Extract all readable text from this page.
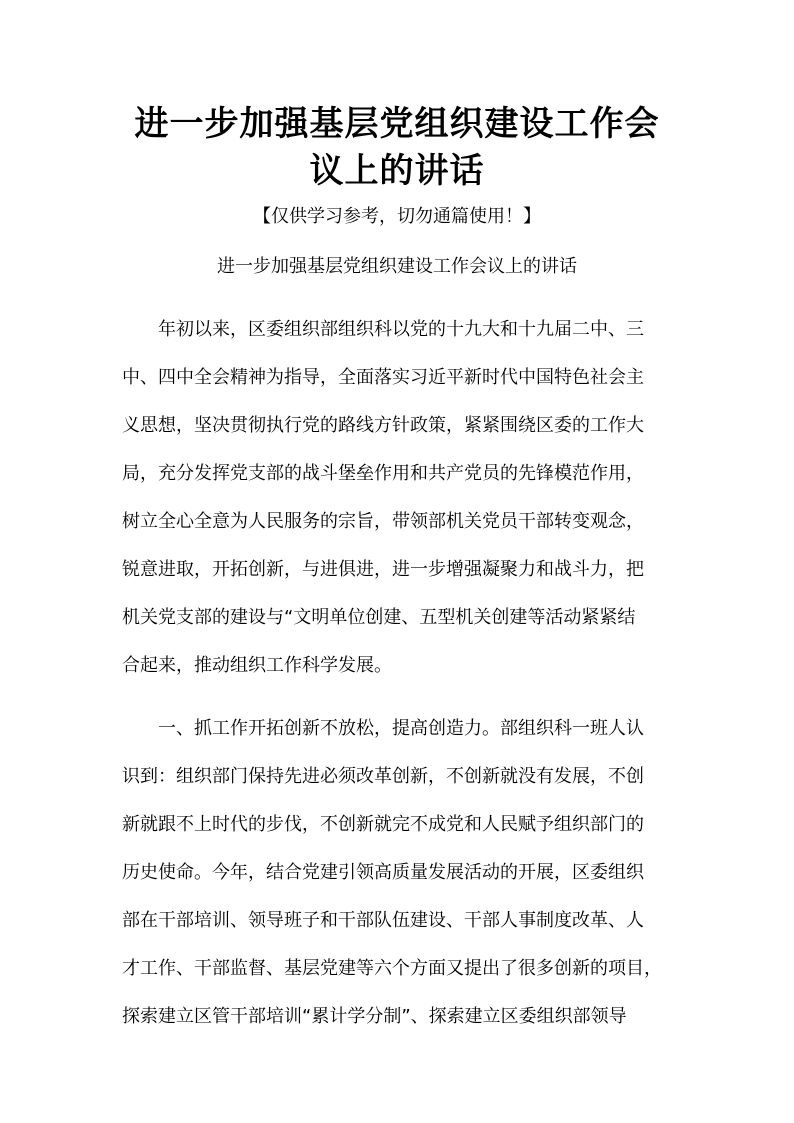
进一步加强基层党组织建设工作会
议上的讲话
【仅供学习参考，切勿通篇使用！】
进一步加强基层党组织建设工作会议上的讲话
年初以来，区委组织部组织科以党的十九大和十九届二中、三
中、四中全会精神为指导，全面落实习近平新时代中国特色社会主
义思想，坚决贯彻执行党的路线方针政策，紧紧围绕区委的工作大
局，充分发挥党支部的战斗堡垒作用和共产党员的先锋模范作用，
树立全心全意为人民服务的宗旨，带领部机关党员干部转变观念，
锐意进取，开拓创新，与进俱进，进一步增强凝聚力和战斗力，把
机关党支部的建设与“文明单位创建、五型机关创建等活动紧紧结
合起来，推动组织工作科学发展。
一、抓工作开拓创新不放松，提高创造力。部组织科一班人认
识到：组织部门保持先进必须改革创新，不创新就没有发展，不创
新就跟不上时代的步伐，不创新就完不成党和人民赋予组织部门的
历史使命。今年，结合党建引领高质量发展活动的开展，区委组织
部在干部培训、领导班子和干部队伍建设、干部人事制度改革、人
才工作、干部监督、基层党建等六个方面又提出了很多创新的项目，
探索建立区管干部培训“累计学分制”、探索建立区委组织部领导
